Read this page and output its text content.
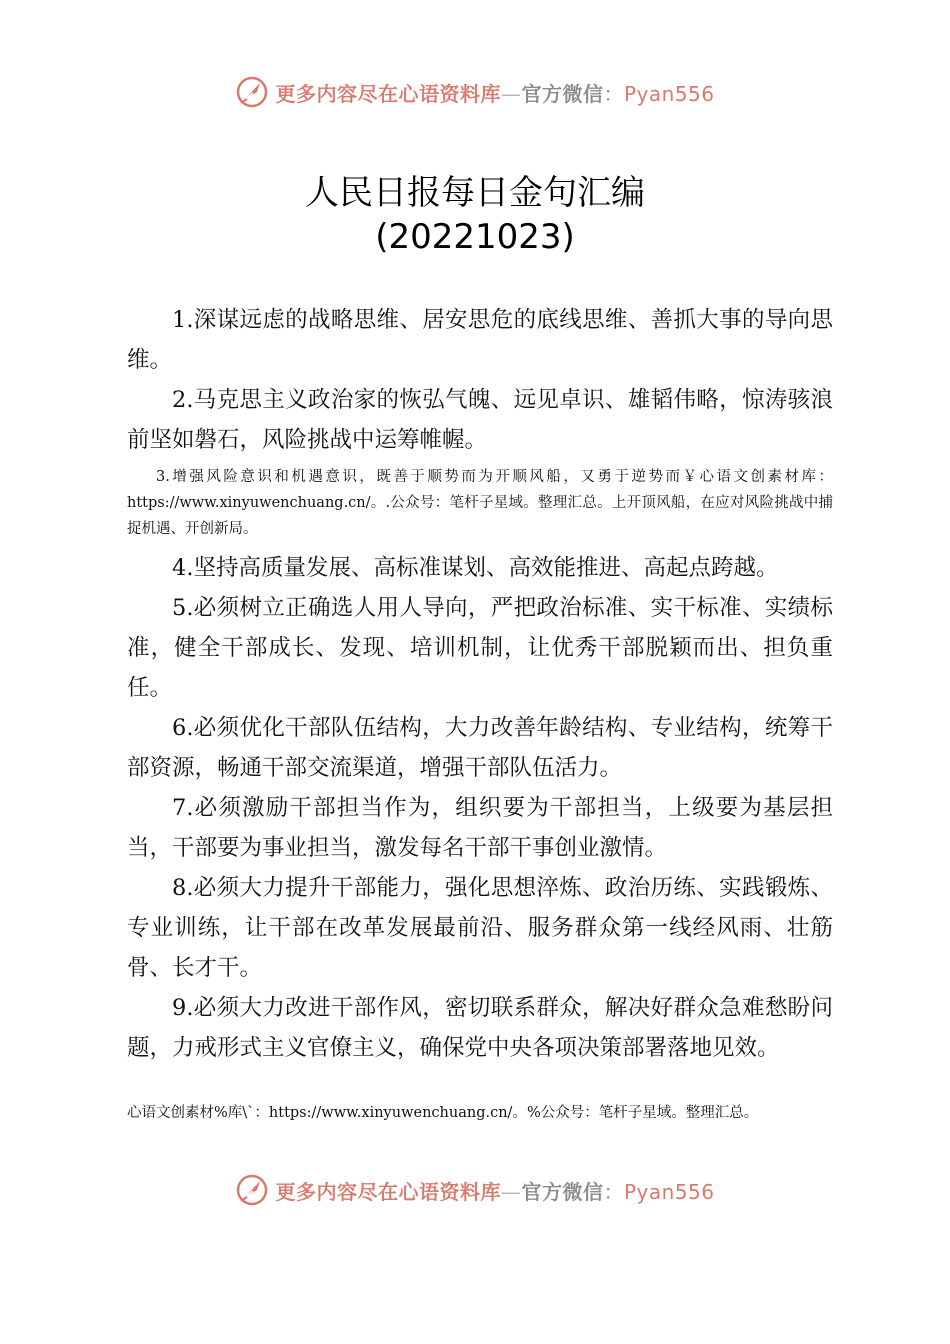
更多内容尽在心语资料库—官方微信：Pyan556
人民日报每日金句汇编
(20221023)

1.深谋远虑的战略思维、居安思危的底线思维、善抓大事的导向思维。

2.马克思主义政治家的恢弘气魄、远见卓识、雄韬伟略，惊涛骇浪前坚如磐石，风险挑战中运筹帷幄。

3.增强风险意识和机遇意识，既善于顺势而为开顺风船，又勇于逆势而￥心语文创素材库：https://www.xinyuwenchuang.cn/。.公众号：笔杆子星域。整理汇总。上开顶风船，在应对风险挑战中捕捉机遇、开创新局。

4.坚持高质量发展、高标准谋划、高效能推进、高起点跨越。

5.必须树立正确选人用人导向，严把政治标准、实干标准、实绩标准，健全干部成长、发现、培训机制，让优秀干部脱颖而出、担负重任。

6.必须优化干部队伍结构，大力改善年龄结构、专业结构，统筹干部资源，畅通干部交流渠道，增强干部队伍活力。

7.必须激励干部担当作为，组织要为干部担当，上级要为基层担当，干部要为事业担当，激发每名干部干事创业激情。

8.必须大力提升干部能力，强化思想淬炼、政治历练、实践锻炼、专业训练，让干部在改革发展最前沿、服务群众第一线经风雨、壮筋骨、长才干。

9.必须大力改进干部作风，密切联系群众，解决好群众急难愁盼问题，力戒形式主义官僚主义，确保党中央各项决策部署落地见效。

心语文创素材%库\`：https://www.xinyuwenchuang.cn/。%公众号：笔杆子星域。整理汇总。
更多内容尽在心语资料库—官方微信：Pyan556
